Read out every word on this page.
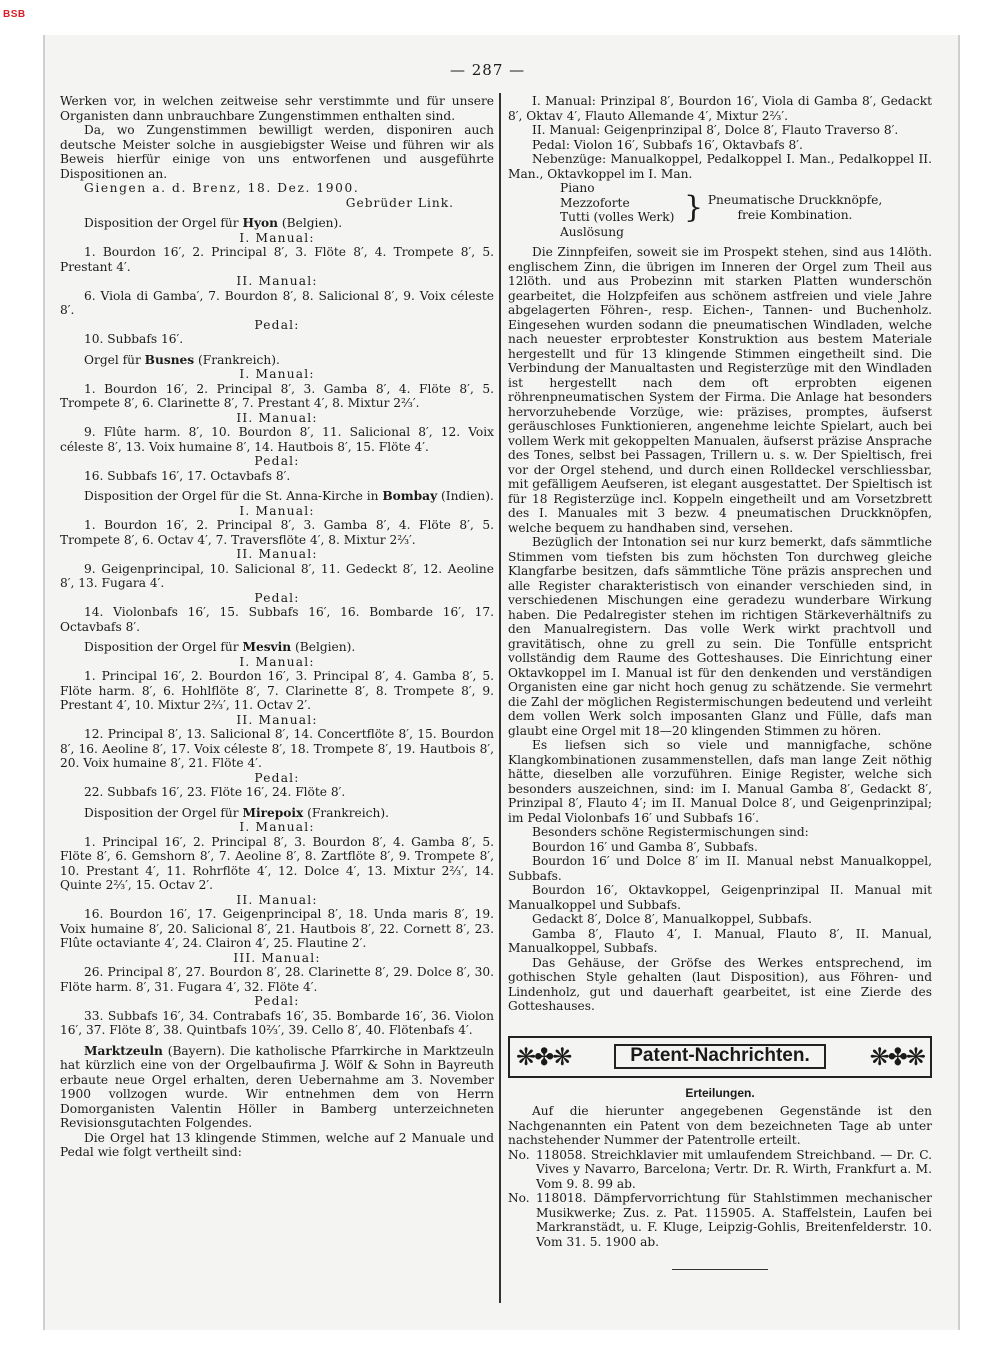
BSB
— 287 —

Werken vor, in welchen zeitweise sehr verstimmte und für unsere Organisten dann unbrauchbare Zungenstimmen enthalten sind.

Da, wo Zungenstimmen bewilligt werden, disponiren auch deutsche Meister solche in ausgiebigster Weise und führen wir als Beweis hierfür einige von uns entworfenen und ausgeführte Dispositionen an.

Giengen a. d. Brenz, 18. Dez. 1900.

Gebrüder Link.

Disposition der Orgel für Hyon (Belgien).

I. Manual:

1. Bourdon 16′, 2. Principal 8′, 3. Flöte 8′, 4. Trompete 8′, 5. Prestant 4′.

II. Manual:

6. Viola di Gamba′, 7. Bourdon 8′, 8. Salicional 8′, 9. Voix céleste 8′.

Pedal:

10. Subbafs 16′.

Orgel für Busnes (Frankreich).

I. Manual:

1. Bourdon 16′, 2. Principal 8′, 3. Gamba 8′, 4. Flöte 8′, 5. Trompete 8′, 6. Clarinette 8′, 7. Prestant 4′, 8. Mixtur 2⅔′.

II. Manual:

9. Flûte harm. 8′, 10. Bourdon 8′, 11. Salicional 8′, 12. Voix céleste 8′, 13. Voix humaine 8′, 14. Hautbois 8′, 15. Flöte 4′.

Pedal:

16. Subbafs 16′, 17. Octavbafs 8′.

Disposition der Orgel für die St. Anna-Kirche in Bombay (Indien).

I. Manual:

1. Bourdon 16′, 2. Principal 8′, 3. Gamba 8′, 4. Flöte 8′, 5. Trompete 8′, 6. Octav 4′, 7. Traversflöte 4′, 8. Mixtur 2⅔′.

II. Manual:

9. Geigenprincipal, 10. Salicional 8′, 11. Gedeckt 8′, 12. Aeoline 8′, 13. Fugara 4′.

Pedal:

14. Violonbafs 16′, 15. Subbafs 16′, 16. Bombarde 16′, 17. Octavbafs 8′.

Disposition der Orgel für Mesvin (Belgien).

I. Manual:

1. Principal 16′, 2. Bourdon 16′, 3. Principal 8′, 4. Gamba 8′, 5. Flöte harm. 8′, 6. Hohlflöte 8′, 7. Clarinette 8′, 8. Trompete 8′, 9. Prestant 4′, 10. Mixtur 2⅔′, 11. Octav 2′.

II. Manual:

12. Principal 8′, 13. Salicional 8′, 14. Concertflöte 8′, 15. Bourdon 8′, 16. Aeoline 8′, 17. Voix céleste 8′, 18. Trompete 8′, 19. Hautbois 8′, 20. Voix humaine 8′, 21. Flöte 4′.

Pedal:

22. Subbafs 16′, 23. Flöte 16′, 24. Flöte 8′.

Disposition der Orgel für Mirepoix (Frankreich).

I. Manual:

1. Principal 16′, 2. Principal 8′, 3. Bourdon 8′, 4. Gamba 8′, 5. Flöte 8′, 6. Gemshorn 8′, 7. Aeoline 8′, 8. Zartflöte 8′, 9. Trompete 8′, 10. Prestant 4′, 11. Rohrflöte 4′, 12. Dolce 4′, 13. Mixtur 2⅔′, 14. Quinte 2⅔′, 15. Octav 2′.

II. Manual:

16. Bourdon 16′, 17. Geigenprincipal 8′, 18. Unda maris 8′, 19. Voix humaine 8′, 20. Salicional 8′, 21. Hautbois 8′, 22. Cornett 8′, 23. Flûte octaviante 4′, 24. Clairon 4′, 25. Flautine 2′.

III. Manual:

26. Principal 8′, 27. Bourdon 8′, 28. Clarinette 8′, 29. Dolce 8′, 30. Flöte harm. 8′, 31. Fugara 4′, 32. Flöte 4′.

Pedal:

33. Subbafs 16′, 34. Contrabafs 16′, 35. Bombarde 16′, 36. Violon 16′, 37. Flöte 8′, 38. Quintbafs 10⅔′, 39. Cello 8′, 40. Flötenbafs 4′.

Marktzeuln (Bayern). Die katholische Pfarrkirche in Marktzeuln hat kürzlich eine von der Orgelbaufirma J. Wölf & Sohn in Bayreuth erbaute neue Orgel erhalten, deren Uebernahme am 3. November 1900 vollzogen wurde. Wir entnehmen dem von Herrn Domorganisten Valentin Höller in Bamberg unterzeichneten Revisionsgutachten Folgendes.

Die Orgel hat 13 klingende Stimmen, welche auf 2 Manuale und Pedal wie folgt vertheilt sind:

I. Manual: Prinzipal 8′, Bourdon 16′, Viola di Gamba 8′, Gedackt 8′, Oktav 4′, Flauto Allemande 4′, Mixtur 2⅔′.

II. Manual: Geigenprinzipal 8′, Dolce 8′, Flauto Traverso 8′.

Pedal: Violon 16′, Subbafs 16′, Oktavbafs 8′.

Nebenzüge: Manualkoppel, Pedalkoppel I. Man., Pedalkoppel II. Man., Oktavkoppel im I. Man.

Piano
Mezzoforte
Tutti (volles Werk)
Auslösung
} Pneumatische Druckknöpfe, freie Kombination.

Die Zinnpfeifen, soweit sie im Prospekt stehen, sind aus 14löth. englischem Zinn, die übrigen im Inneren der Orgel zum Theil aus 12löth. und aus Probezinn mit starken Platten wunderschön gearbeitet, die Holzpfeifen aus schönem astfreien und viele Jahre abgelagerten Föhren-, resp. Eichen-, Tannen- und Buchenholz. Eingesehen wurden sodann die pneumatischen Windladen, welche nach neuester erprobtester Konstruktion aus bestem Materiale hergestellt und für 13 klingende Stimmen eingetheilt sind. Die Verbindung der Manualtasten und Registerzüge mit den Windladen ist hergestellt nach dem oft erprobten eigenen röhrenpneumatischen System der Firma. Die Anlage hat besonders hervorzuhebende Vorzüge, wie: präzises, promptes, äufserst geräuschloses Funktionieren, angenehme leichte Spielart, auch bei vollem Werk mit gekoppelten Manualen, äufserst präzise Ansprache des Tones, selbst bei Passagen, Trillern u. s. w. Der Spieltisch, frei vor der Orgel stehend, und durch einen Rolldeckel verschliessbar, mit gefälligem Aeufseren, ist elegant ausgestattet. Der Spieltisch ist für 18 Registerzüge incl. Koppeln eingetheilt und am Vorsetzbrett des I. Manuales mit 3 bezw. 4 pneumatischen Druckknöpfen, welche bequem zu handhaben sind, versehen.

Bezüglich der Intonation sei nur kurz bemerkt, dafs sämmtliche Stimmen vom tiefsten bis zum höchsten Ton durchweg gleiche Klangfarbe besitzen, dafs sämmtliche Töne präzis ansprechen und alle Register charakteristisch von einander verschieden sind, in verschiedenen Mischungen eine geradezu wunderbare Wirkung haben. Die Pedalregister stehen im richtigen Stärkeverhältnifs zu den Manualregistern. Das volle Werk wirkt prachtvoll und gravitätisch, ohne zu grell zu sein. Die Tonfülle entspricht vollständig dem Raume des Gotteshauses. Die Einrichtung einer Oktavkoppel im I. Manual ist für den denkenden und verständigen Organisten eine gar nicht hoch genug zu schätzende. Sie vermehrt die Zahl der möglichen Registermischungen bedeutend und verleiht dem vollen Werk solch imposanten Glanz und Fülle, dafs man glaubt eine Orgel mit 18—20 klingenden Stimmen zu hören.

Es liefsen sich so viele und mannigfache, schöne Klangkombinationen zusammenstellen, dafs man lange Zeit nöthig hätte, dieselben alle vorzuführen. Einige Register, welche sich besonders auszeichnen, sind: im I. Manual Gamba 8′, Gedackt 8′, Prinzipal 8′, Flauto 4′; im II. Manual Dolce 8′, und Geigenprinzipal; im Pedal Violonbafs 16′ und Subbafs 16′.

Besonders schöne Registermischungen sind:

Bourdon 16′ und Gamba 8′, Subbafs.

Bourdon 16′ und Dolce 8′ im II. Manual nebst Manualkoppel, Subbafs.

Bourdon 16′, Oktavkoppel, Geigenprinzipal II. Manual mit Manualkoppel und Subbafs.

Gedackt 8′, Dolce 8′, Manualkoppel, Subbafs.

Gamba 8′, Flauto 4′, I. Manual, Flauto 8′, II. Manual, Manualkoppel, Subbafs.

Das Gehäuse, der Gröfse des Werkes entsprechend, im gothischen Style gehalten (laut Disposition), aus Föhren- und Lindenholz, gut und dauerhaft gearbeitet, ist eine Zierde des Gotteshauses.

❋✤❋	Patent-Nachrichten.	❋✤❋
Erteilungen.

Auf die hierunter angegebenen Gegenstände ist den Nachgenannten ein Patent von dem bezeichneten Tage ab unter nachstehender Nummer der Patentrolle erteilt.

No. 118058. Streichklavier mit umlaufendem Streichband. — Dr. C. Vives y Navarro, Barcelona; Vertr. Dr. R. Wirth, Frankfurt a. M. Vom 9. 8. 99 ab.
No. 118018. Dämpfervorrichtung für Stahlstimmen mechanischer Musikwerke; Zus. z. Pat. 115905. A. Staffelstein, Laufen bei Markranstädt, u. F. Kluge, Leipzig-Gohlis, Breitenfelderstr. 10. Vom 31. 5. 1900 ab.
